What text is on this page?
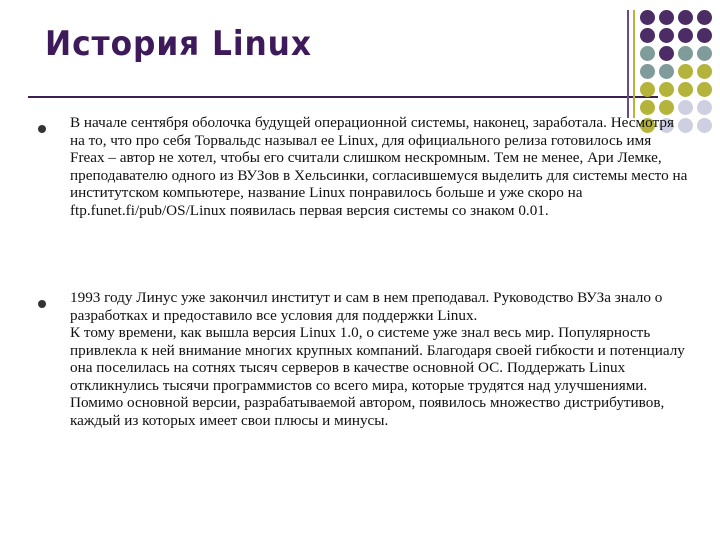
История Linux

В начале сентября оболочка будущей операционной системы, наконец, заработала. Несмотря на то, что про себя Торвальдс называл ее Linux, для официального релиза готовилось имя Freax – автор не хотел, чтобы его считали слишком нескромным. Тем не менее, Ари Лемке, преподавателю одного из ВУЗов в Хельсинки, согласившемуся выделить для системы место на институтском компьютере, название Linux понравилось больше и уже скоро на ftp.funet.fi/pub/OS/Linux появилась первая версия системы со знаком 0.01.

1993 году Линус уже закончил институт и сам в нем преподавал. Руководство ВУЗа знало о разработках и предоставило все условия для поддержки Linux.

К тому времени, как вышла версия Linux 1.0, о системе уже знал весь мир. Популярность привлекла к ней внимание многих крупных компаний. Благодаря своей гибкости и потенциалу она поселилась на сотнях тысяч серверов в качестве основной ОС. Поддержать Linux откликнулись тысячи программистов со всего мира, которые трудятся над улучшениями. Помимо основной версии, разрабатываемой автором, появилось множество дистрибутивов, каждый из которых имеет свои плюсы и минусы.
